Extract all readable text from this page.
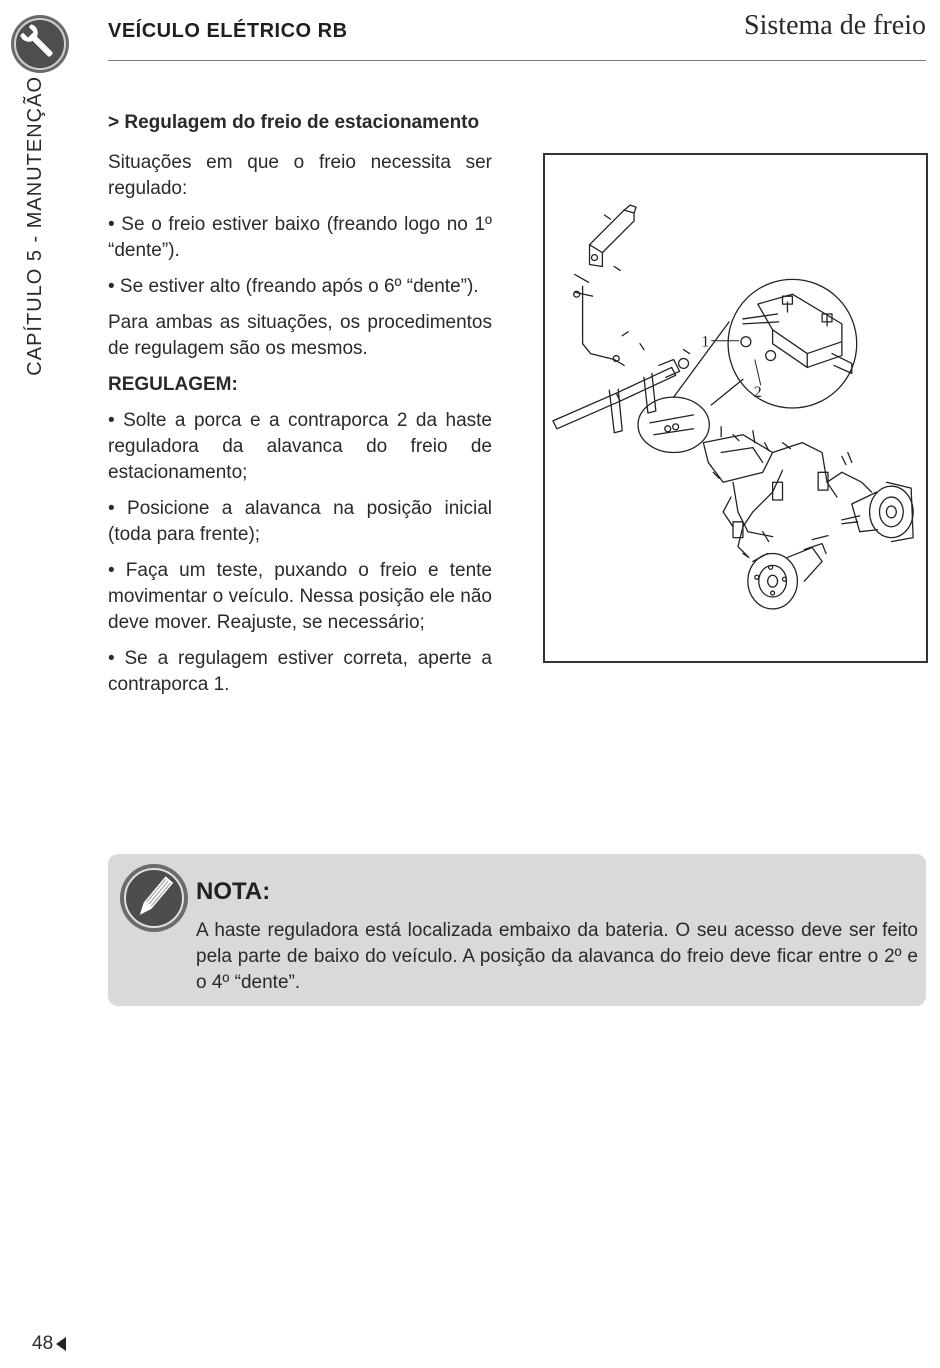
CAPÍTULO 5 - MANUTENÇÃO
VEÍCULO ELÉTRICO RB	Sistema de freio
> Regulagem do freio de estacionamento

Situações em que o freio necessita ser regulado:

• Se o freio estiver baixo (freando logo no 1º “dente”).

• Se estiver alto (freando após o 6º “dente”).

Para ambas as situações, os procedimentos de regulagem são os mesmos.

REGULAGEM:

• Solte a porca e a contraporca 2 da haste reguladora da alavanca do freio de estacionamento;

• Posicione a alavanca na posição inicial (toda para frente);

• Faça um teste, puxando o freio e tente movimentar o veículo. Nessa posição ele não deve mover. Reajuste, se necessário;

• Se a regulagem estiver correta, aperte a contraporca 1.

1
2
NOTA:
A haste reguladora está localizada embaixo da bateria. O seu acesso deve ser feito pela parte de baixo do veículo. A posição da alavanca do freio deve ficar entre o 2º e o 4º “dente”.
48
